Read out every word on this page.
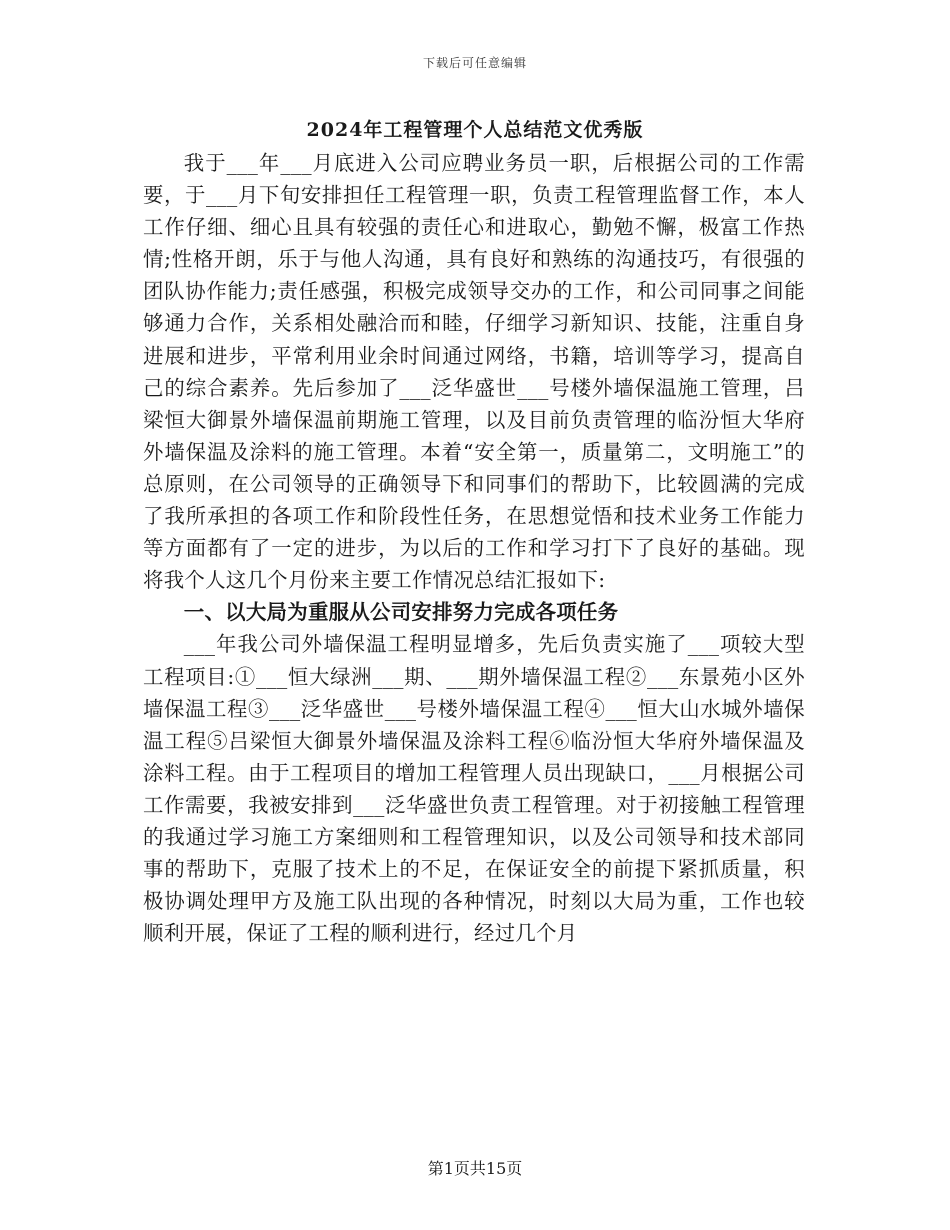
下载后可任意编辑
2024年工程管理个人总结范文优秀版

我于___年___月底进入公司应聘业务员一职，后根据公司的工作需要，于___月下旬安排担任工程管理一职，负责工程管理监督工作，本人工作仔细、细心且具有较强的责任心和进取心，勤勉不懈，极富工作热情;性格开朗，乐于与他人沟通，具有良好和熟练的沟通技巧，有很强的团队协作能力;责任感强，积极完成领导交办的工作，和公司同事之间能够通力合作，关系相处融洽而和睦，仔细学习新知识、技能，注重自身进展和进步，平常利用业余时间通过网络，书籍，培训等学习，提高自己的综合素养。先后参加了___泛华盛世___号楼外墙保温施工管理，吕梁恒大御景外墙保温前期施工管理，以及目前负责管理的临汾恒大华府外墙保温及涂料的施工管理。本着“安全第一，质量第二，文明施工”的总原则，在公司领导的正确领导下和同事们的帮助下，比较圆满的完成了我所承担的各项工作和阶段性任务，在思想觉悟和技术业务工作能力等方面都有了一定的进步，为以后的工作和学习打下了良好的基础。现将我个人这几个月份来主要工作情况总结汇报如下:

一、以大局为重服从公司安排努力完成各项任务

___年我公司外墙保温工程明显增多，先后负责实施了___项较大型工程项目:①___恒大绿洲___期、___期外墙保温工程②___东景苑小区外墙保温工程③___泛华盛世___号楼外墙保温工程④___恒大山水城外墙保温工程⑤吕梁恒大御景外墙保温及涂料工程⑥临汾恒大华府外墙保温及涂料工程。由于工程项目的增加工程管理人员出现缺口，___月根据公司工作需要，我被安排到___泛华盛世负责工程管理。对于初接触工程管理的我通过学习施工方案细则和工程管理知识，以及公司领导和技术部同事的帮助下，克服了技术上的不足，在保证安全的前提下紧抓质量，积极协调处理甲方及施工队出现的各种情况，时刻以大局为重，工作也较顺利开展，保证了工程的顺利进行，经过几个月

第1页共15页
